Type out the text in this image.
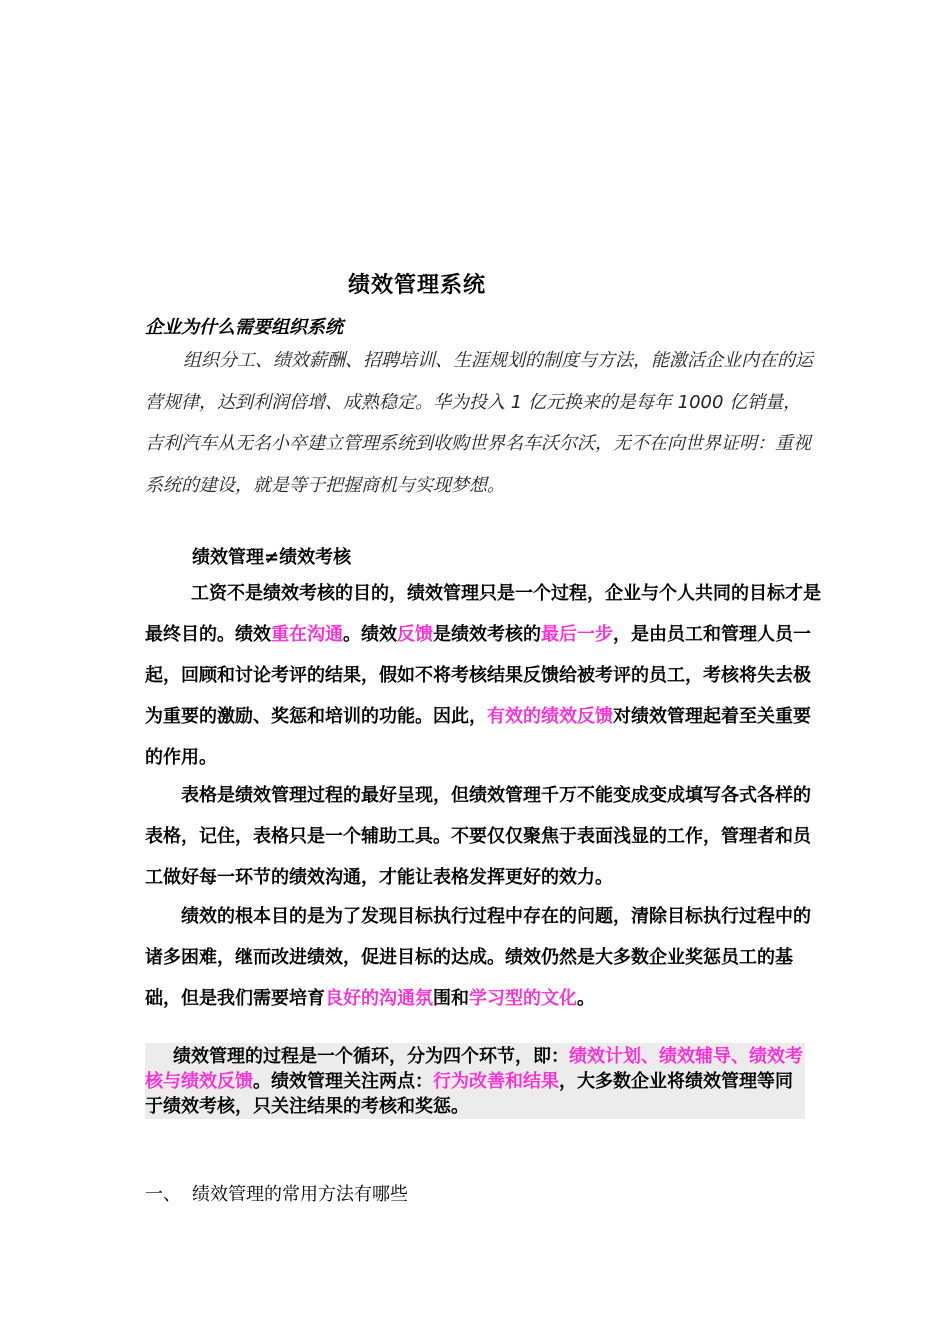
绩效管理系统
企业为什么需要组织系统

组织分工、绩效薪酬、招聘培训、生涯规划的制度与方法，能激活企业内在的运营规律，达到利润倍增、成熟稳定。华为投入 1 亿元换来的是每年 1000 亿销量，吉利汽车从无名小卒建立管理系统到收购世界名车沃尔沃，无不在向世界证明：重视系统的建设，就是等于把握商机与实现梦想。

绩效管理≠绩效考核

工资不是绩效考核的目的，绩效管理只是一个过程，企业与个人共同的目标才是最终目的。绩效重在沟通。绩效反馈是绩效考核的最后一步，是由员工和管理人员一起，回顾和讨论考评的结果，假如不将考核结果反馈给被考评的员工，考核将失去极为重要的激励、奖惩和培训的功能。因此，有效的绩效反馈对绩效管理起着至关重要的作用。

表格是绩效管理过程的最好呈现，但绩效管理千万不能变成变成填写各式各样的表格，记住，表格只是一个辅助工具。不要仅仅聚焦于表面浅显的工作，管理者和员工做好每一环节的绩效沟通，才能让表格发挥更好的效力。

绩效的根本目的是为了发现目标执行过程中存在的问题，清除目标执行过程中的诸多困难，继而改进绩效，促进目标的达成。绩效仍然是大多数企业奖惩员工的基础，但是我们需要培育良好的沟通氛围和学习型的文化。

绩效管理的过程是一个循环，分为四个环节，即：绩效计划、绩效辅导、绩效考核与绩效反馈。绩效管理关注两点：行为改善和结果，大多数企业将绩效管理等同于绩效考核，只关注结果的考核和奖惩。

一、 绩效管理的常用方法有哪些
